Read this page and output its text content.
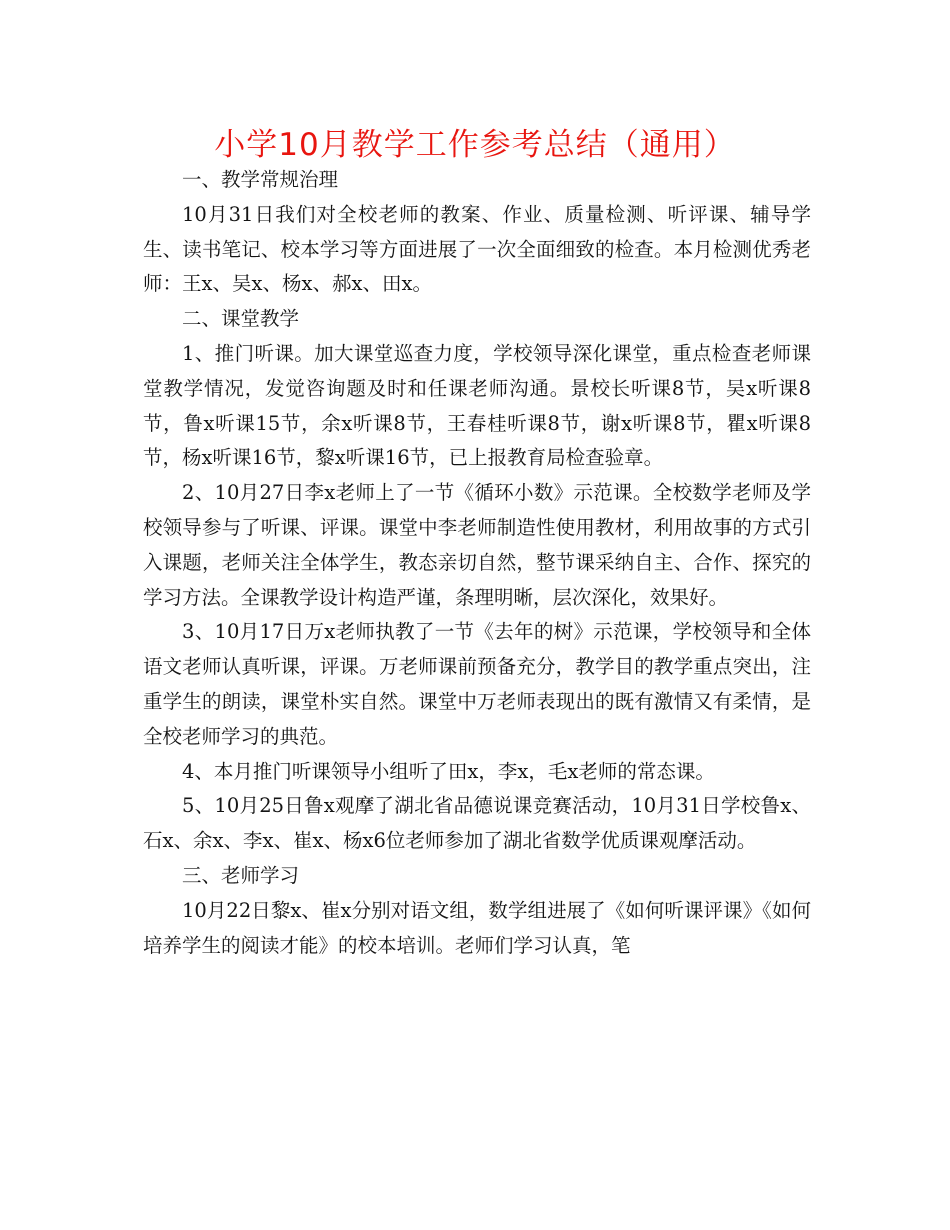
小学10月教学工作参考总结（通用）

一、教学常规治理

10月31日我们对全校老师的教案、作业、质量检测、听评课、辅导学生、读书笔记、校本学习等方面进展了一次全面细致的检查。本月检测优秀老师：王x、吴x、杨x、郝x、田x。

二、课堂教学

1、推门听课。加大课堂巡查力度，学校领导深化课堂，重点检查老师课堂教学情况，发觉咨询题及时和任课老师沟通。景校长听课8节，吴x听课8节，鲁x听课15节，余x听课8节，王春桂听课8节，谢x听课8节，瞿x听课8节，杨x听课16节，黎x听课16节，已上报教育局检查验章。

2、10月27日李x老师上了一节《循环小数》示范课。全校数学老师及学校领导参与了听课、评课。课堂中李老师制造性使用教材，利用故事的方式引入课题，老师关注全体学生，教态亲切自然，整节课采纳自主、合作、探究的学习方法。全课教学设计构造严谨，条理明晰，层次深化，效果好。

3、10月17日万x老师执教了一节《去年的树》示范课，学校领导和全体语文老师认真听课，评课。万老师课前预备充分，教学目的教学重点突出，注重学生的朗读，课堂朴实自然。课堂中万老师表现出的既有激情又有柔情，是全校老师学习的典范。

4、本月推门听课领导小组听了田x，李x，毛x老师的常态课。

5、10月25日鲁x观摩了湖北省品德说课竞赛活动，10月31日学校鲁x、石x、余x、李x、崔x、杨x6位老师参加了湖北省数学优质课观摩活动。

三、老师学习

10月22日黎x、崔x分别对语文组，数学组进展了《如何听课评课》《如何培养学生的阅读才能》的校本培训。老师们学习认真，笔
